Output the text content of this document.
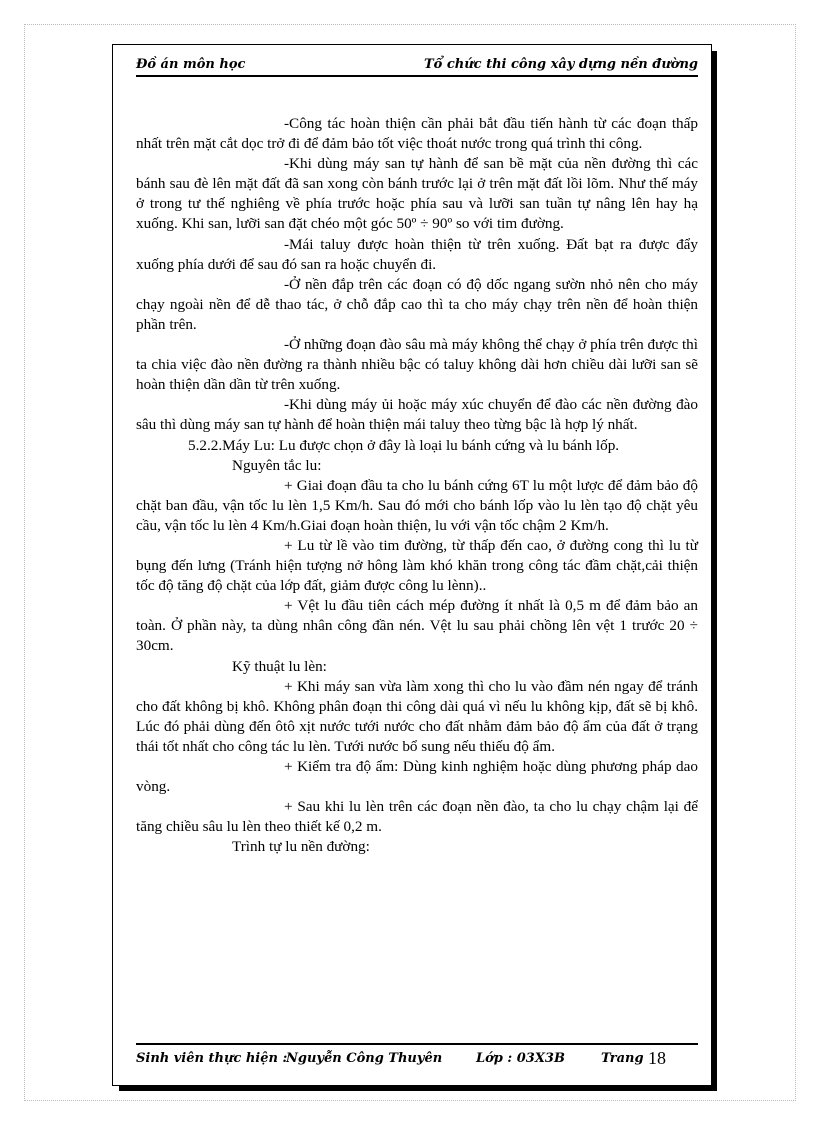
Đồ án môn học	Tổ chức thi công xây dựng nền đường

-Công tác hoàn thiện cần phải bắt đầu tiến hành từ các đoạn thấp nhất trên mặt cắt dọc trở đi để đảm bảo tốt việc thoát nước trong quá trình thi công.

-Khi dùng máy san tự hành để san bề mặt của nền đường thì các bánh sau đè lên mặt đất đã san xong còn bánh trước lại ở trên mặt đất lồi lõm. Như thế máy ở trong tư thế nghiêng về phía trước hoặc phía sau và lưỡi san tuần tự nâng lên hay hạ xuống. Khi san, lưỡi san đặt chéo một góc 50º ÷ 90º so với tim đường.

-Mái taluy được hoàn thiện từ trên xuống. Đất bạt ra được đẩy xuống phía dưới để sau đó san ra hoặc chuyển đi.

-Ở nền đắp trên các đoạn có độ dốc ngang sườn nhỏ nên cho máy chạy ngoài nền để dễ thao tác, ở chỗ đắp cao thì ta cho máy chạy trên nền để hoàn thiện phần trên.

-Ở những đoạn đào sâu mà máy không thể chạy ở phía trên được thì ta chia việc đào nền đường ra thành nhiều bậc có taluy không dài hơn chiều dài lưỡi san sẽ hoàn thiện dần dần từ trên xuống.

-Khi dùng máy ủi hoặc máy xúc chuyển để đào các nền đường đào sâu thì dùng máy san tự hành để hoàn thiện mái taluy theo từng bậc là hợp lý nhất.

5.2.2.Máy Lu: Lu được chọn ở đây là loại lu bánh cứng và lu bánh lốp.

Nguyên tắc lu:

+ Giai đoạn đầu ta cho lu bánh cứng 6T lu một lược để đảm bảo độ chặt ban đầu, vận tốc lu lèn 1,5 Km/h. Sau đó mới cho bánh lốp vào lu lèn tạo độ chặt yêu cầu, vận tốc lu lèn 4 Km/h.Giai đoạn hoàn thiện, lu với vận tốc chậm 2 Km/h.

+ Lu từ lề vào tim đường, từ thấp đến cao, ở đường cong thì lu từ bụng đến lưng (Tránh hiện tượng nở hông làm khó khăn trong công tác đầm chặt,cải thiện tốc độ tăng độ chặt của lớp đất, giảm được công lu lènn)..

+ Vệt lu đầu tiên cách mép đường ít nhất là 0,5 m để đảm bảo an toàn. Ở phần này, ta dùng nhân công đần nén. Vệt lu sau phải chồng lên vệt 1 trước 20 ÷ 30cm.

Kỹ thuật lu lèn:

+ Khi máy san vừa làm xong thì cho lu vào đầm nén ngay để tránh cho đất không bị khô. Không phân đoạn thi công dài quá vì nếu lu không kịp, đất sẽ bị khô. Lúc đó phải dùng đến ôtô xịt nước tưới nước cho đất nhằm đảm bảo độ ẩm của đất ở trạng thái tốt nhất cho công tác lu lèn. Tưới nước bổ sung nếu thiếu độ ẩm.

+ Kiểm tra độ ẩm: Dùng kinh nghiệm hoặc dùng phương pháp dao vòng.

+ Sau khi lu lèn trên các đoạn nền đào, ta cho lu chạy chậm lại để tăng chiều sâu lu lèn theo thiết kế 0,2 m.

Trình tự lu nền đường:

Sinh viên thực hiện :
Nguyễn Công Thuyên	Lớp : 03X3B	Trang 18
